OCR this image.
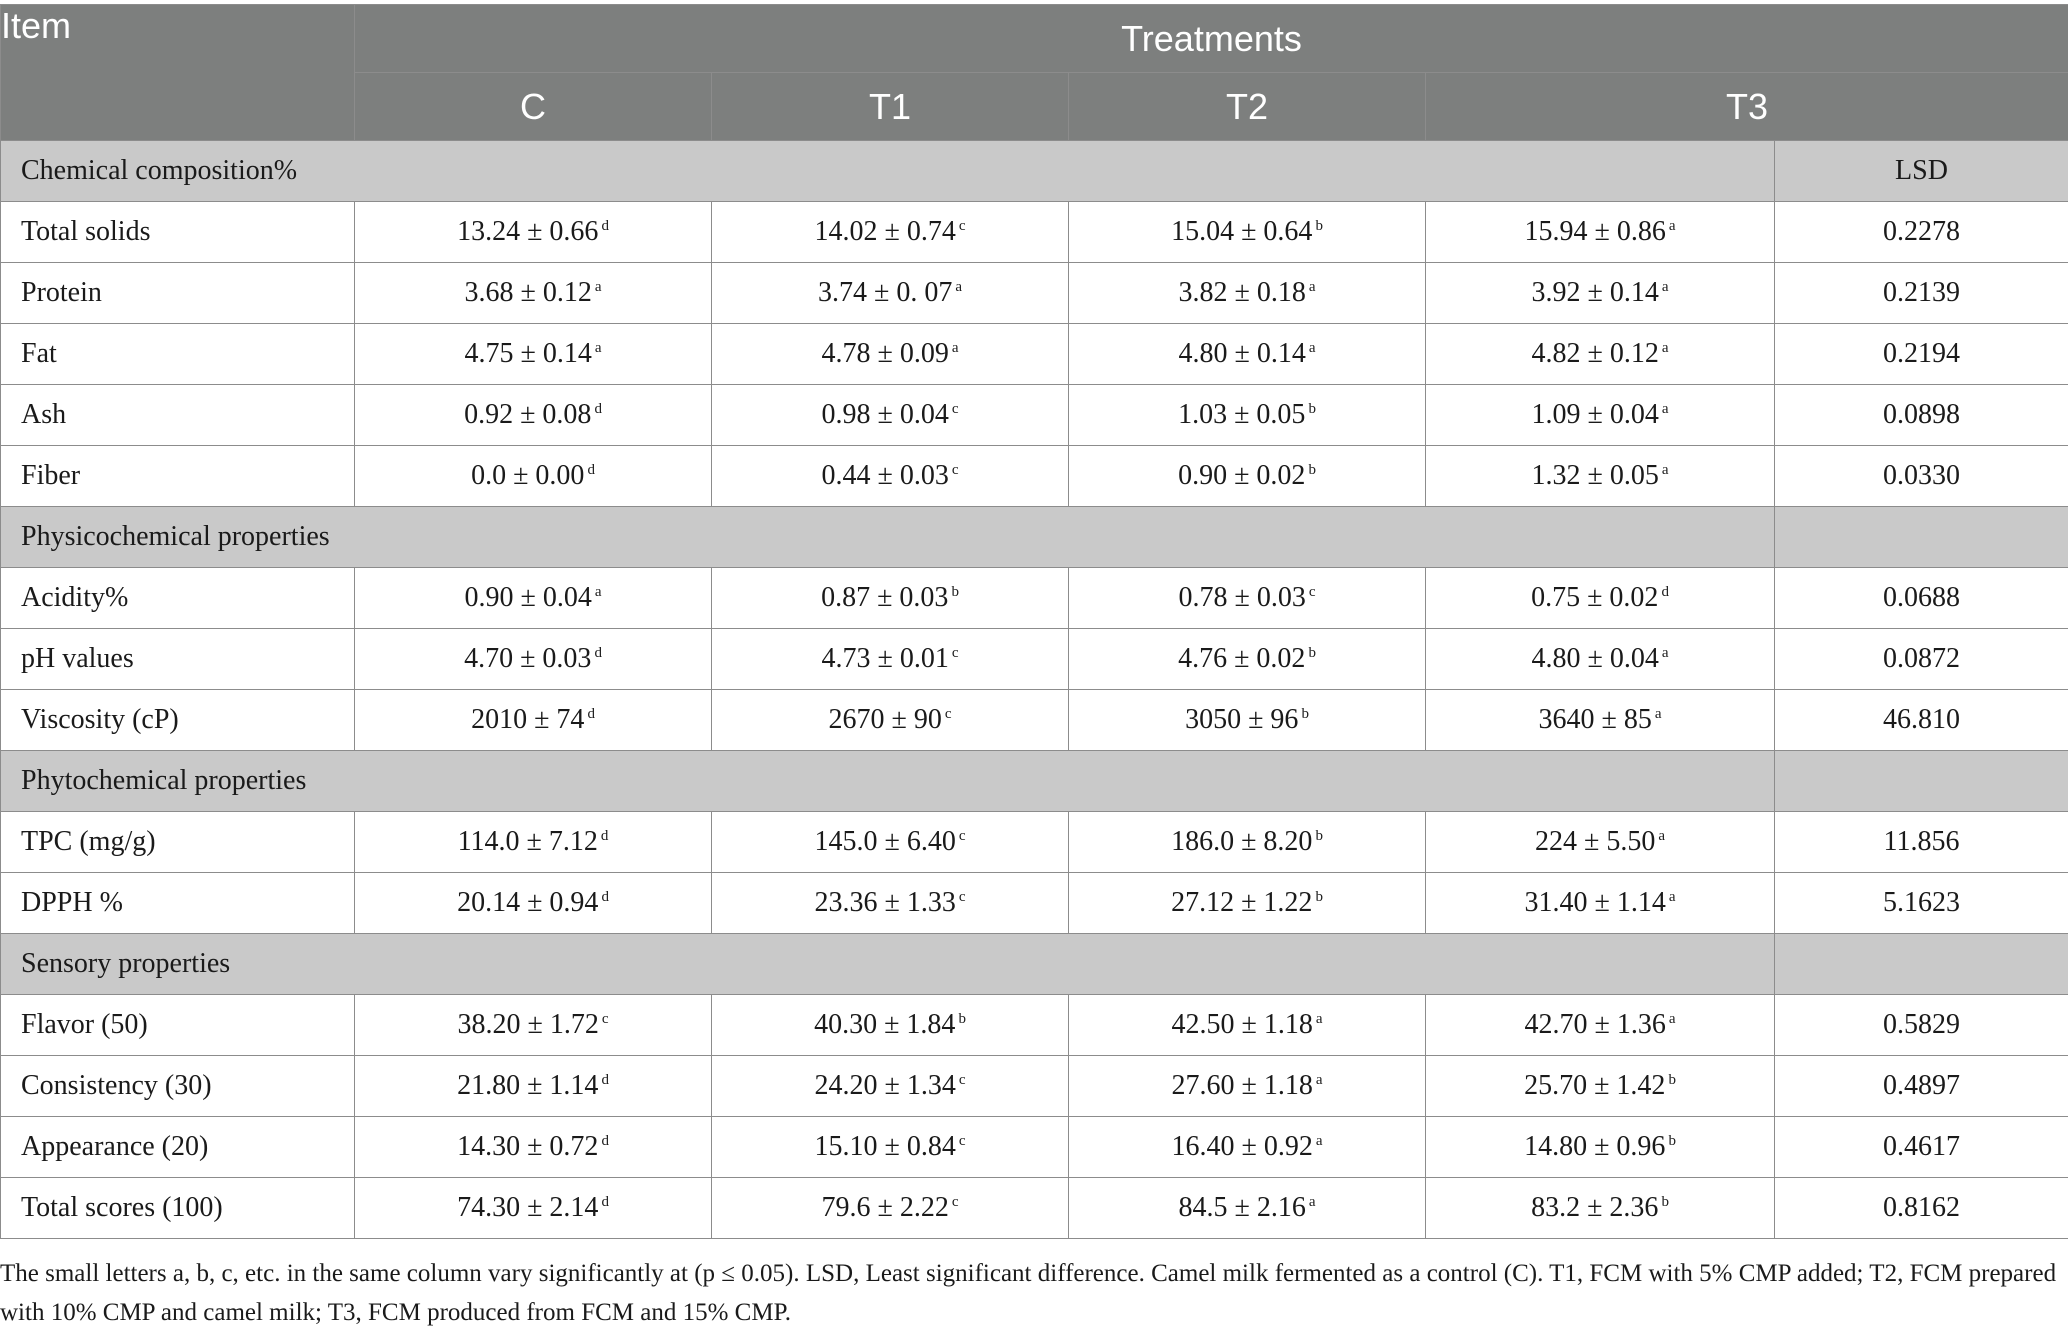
Item	Treatments				
	C	T1	T2	T3	
Chemical composition%					LSD
Total solids	13.24 ± 0.66 $^d$	14.02 ± 0.74 $^c$	15.04 ± 0.64 $^b$	15.94 ± 0.86 $^a$	0.2278
Protein	3.68 ± 0.12 $^a$	3.74 ± 0. 07 $^a$	3.82 ± 0.18 $^a$	3.92 ± 0.14 $^a$	0.2139
Fat	4.75 ± 0.14 $^a$	4.78 ± 0.09 $^a$	4.80 ± 0.14 $^a$	4.82 ± 0.12 $^a$	0.2194
Ash	0.92 ± 0.08 $^d$	0.98 ± 0.04 $^c$	1.03 ± 0.05 $^b$	1.09 ± 0.04 $^a$	0.0898
Fiber	0.0 ± 0.00 $^d$	0.44 ± 0.03 $^c$	0.90 ± 0.02 $^b$	1.32 ± 0.05 $^a$	0.0330
Physicochemical properties					
Acidity%	0.90 ± 0.04 $^a$	0.87 ± 0.03 $^b$	0.78 ± 0.03 $^c$	0.75 ± 0.02 $^d$	0.0688
pH values	4.70 ± 0.03 $^d$	4.73 ± 0.01 $^c$	4.76 ± 0.02 $^b$	4.80 ± 0.04 $^a$	0.0872
Viscosity (cP)	2010 ± 74 $^d$	2670 ± 90 $^c$	3050 ± 96 $^b$	3640 ± 85 $^a$	46.810
Phytochemical properties					
TPC (mg/g)	114.0 ± 7.12 $^d$	145.0 ± 6.40 $^c$	186.0 ± 8.20 $^b$	224 ± 5.50 $^a$	11.856
DPPH %	20.14 ± 0.94 $^d$	23.36 ± 1.33 $^c$	27.12 ± 1.22 $^b$	31.40 ± 1.14 $^a$	5.1623
Sensory properties					
Flavor (50)	38.20 ± 1.72 $^c$	40.30 ± 1.84 $^b$	42.50 ± 1.18 $^a$	42.70 ± 1.36 $^a$	0.5829
Consistency (30)	21.80 ± 1.14 $^d$	24.20 ± 1.34 $^c$	27.60 ± 1.18 $^a$	25.70 ± 1.42 $^b$	0.4897
Appearance (20)	14.30 ± 0.72 $^d$	15.10 ± 0.84 $^c$	16.40 ± 0.92 $^a$	14.80 ± 0.96 $^b$	0.4617
Total scores (100)	74.30 ± 2.14 $^d$	79.6 ± 2.22 $^c$	84.5 ± 2.16 $^a$	83.2 ± 2.36 $^b$	0.8162
The small letters a, b, c, etc. in the same column vary significantly at (p ≤ 0.05). LSD, Least significant difference. Camel milk fermented as a control (C). T1, FCM with 5% CMP added; T2, FCM prepared with 10% CMP and camel milk; T3, FCM produced from FCM and 15% CMP.
